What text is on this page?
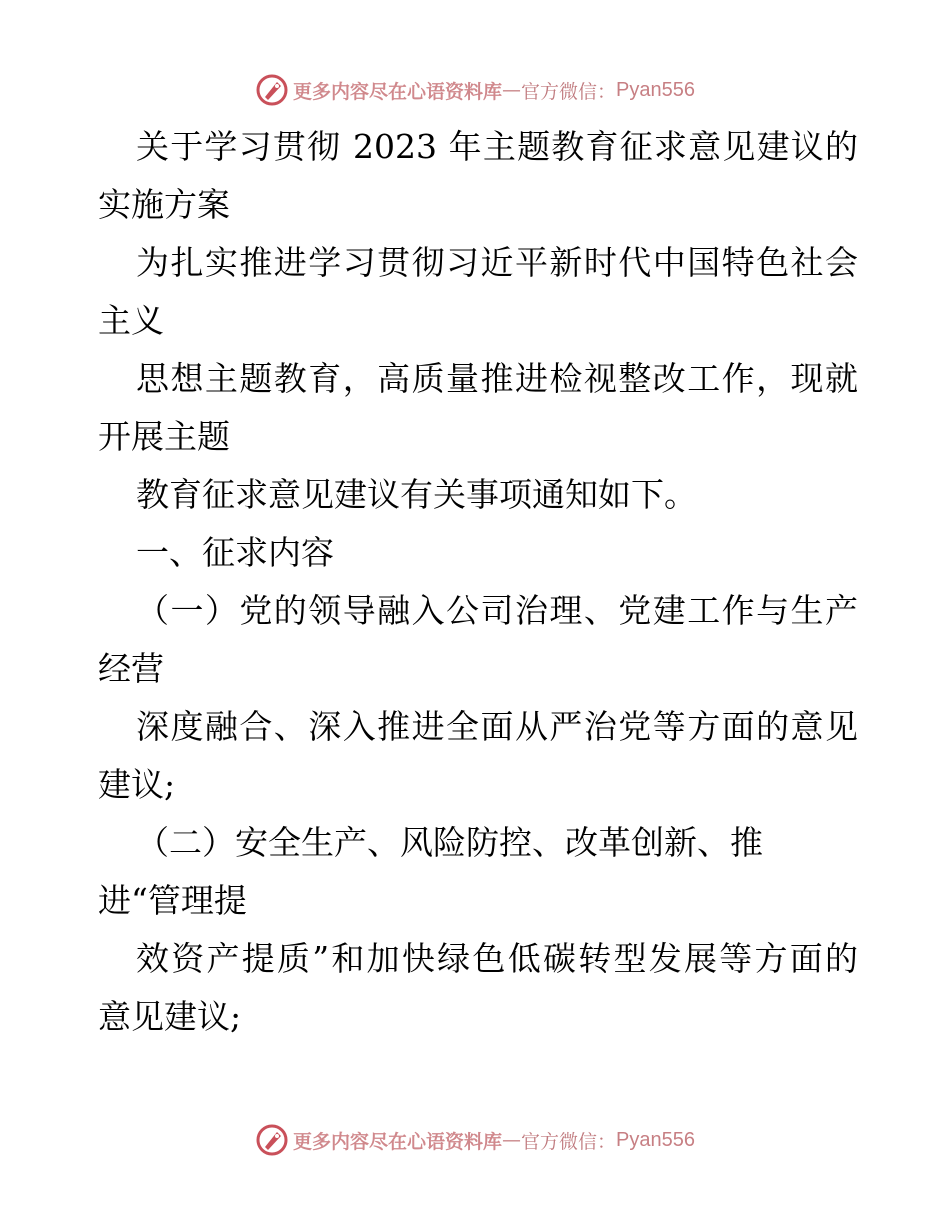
更多内容尽在心语资料库 — 官方微信： Pyan556
关于学习贯彻 2023 年主题教育征求意见建议的
实施方案
为扎实推进学习贯彻习近平新时代中国特色社会
主义
思想主题教育，高质量推进检视整改工作，现就
开展主题
教育征求意见建议有关事项通知如下。
一、征求内容
（一）党的领导融入公司治理、党建工作与生产
经营
深度融合、深入推进全面从严治党等方面的意见
建议;
（二）安全生产、风险防控、改革创新、推
进“管理提
效资产提质”和加快绿色低碳转型发展等方面的
意见建议;
更多内容尽在心语资料库 — 官方微信： Pyan556
